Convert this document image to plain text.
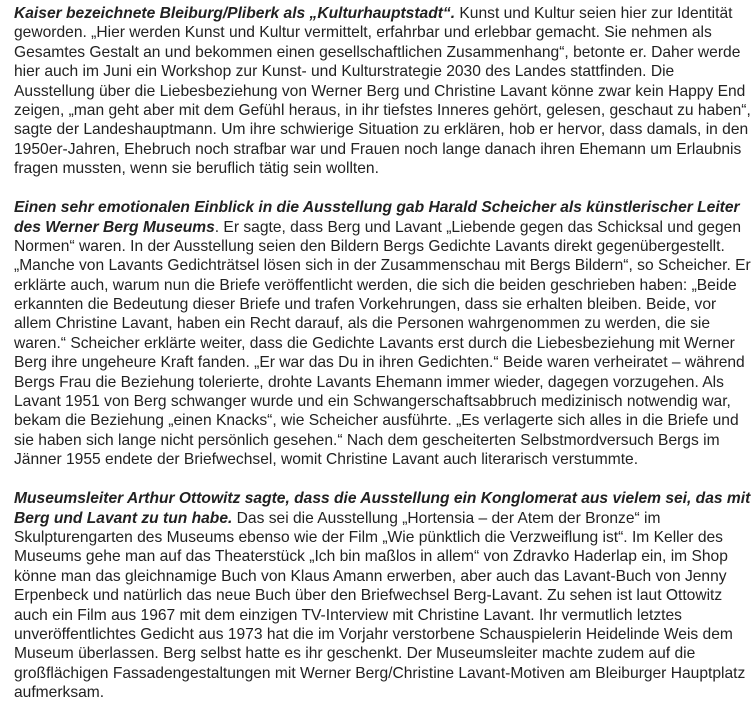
Kaiser bezeichnete Bleiburg/Pliberk als „Kulturhauptstadt“. Kunst und Kultur seien hier zur Identität
geworden. „Hier werden Kunst und Kultur vermittelt, erfahrbar und erlebbar gemacht. Sie nehmen als
Gesamtes Gestalt an und bekommen einen gesellschaftlichen Zusammenhang“, betonte er. Daher werde
hier auch im Juni ein Workshop zur Kunst- und Kulturstrategie 2030 des Landes stattfinden. Die
Ausstellung über die Liebesbeziehung von Werner Berg und Christine Lavant könne zwar kein Happy End
zeigen, „man geht aber mit dem Gefühl heraus, in ihr tiefstes Inneres gehört, gelesen, geschaut zu haben“,
sagte der Landeshauptmann. Um ihre schwierige Situation zu erklären, hob er hervor, dass damals, in den
1950er-Jahren, Ehebruch noch strafbar war und Frauen noch lange danach ihren Ehemann um Erlaubnis
fragen mussten, wenn sie beruflich tätig sein wollten.

Einen sehr emotionalen Einblick in die Ausstellung gab Harald Scheicher als künstlerischer Leiter
des Werner Berg Museums. Er sagte, dass Berg und Lavant „Liebende gegen das Schicksal und gegen
Normen“ waren. In der Ausstellung seien den Bildern Bergs Gedichte Lavants direkt gegenübergestellt.
„Manche von Lavants Gedichträtsel lösen sich in der Zusammenschau mit Bergs Bildern“, so Scheicher. Er
erklärte auch, warum nun die Briefe veröffentlicht werden, die sich die beiden geschrieben haben: „Beide
erkannten die Bedeutung dieser Briefe und trafen Vorkehrungen, dass sie erhalten bleiben. Beide, vor
allem Christine Lavant, haben ein Recht darauf, als die Personen wahrgenommen zu werden, die sie
waren.“ Scheicher erklärte weiter, dass die Gedichte Lavants erst durch die Liebesbeziehung mit Werner
Berg ihre ungeheure Kraft fanden. „Er war das Du in ihren Gedichten.“ Beide waren verheiratet – während
Bergs Frau die Beziehung tolerierte, drohte Lavants Ehemann immer wieder, dagegen vorzugehen. Als
Lavant 1951 von Berg schwanger wurde und ein Schwangerschaftsabbruch medizinisch notwendig war,
bekam die Beziehung „einen Knacks“, wie Scheicher ausführte. „Es verlagerte sich alles in die Briefe und
sie haben sich lange nicht persönlich gesehen.“ Nach dem gescheiterten Selbstmordversuch Bergs im
Jänner 1955 endete der Briefwechsel, womit Christine Lavant auch literarisch verstummte.

Museumsleiter Arthur Ottowitz sagte, dass die Ausstellung ein Konglomerat aus vielem sei, das mit
Berg und Lavant zu tun habe. Das sei die Ausstellung „Hortensia – der Atem der Bronze“ im
Skulpturengarten des Museums ebenso wie der Film „Wie pünktlich die Verzweiflung ist“. Im Keller des
Museums gehe man auf das Theaterstück „Ich bin maßlos in allem“ von Zdravko Haderlap ein, im Shop
könne man das gleichnamige Buch von Klaus Amann erwerben, aber auch das Lavant-Buch von Jenny
Erpenbeck und natürlich das neue Buch über den Briefwechsel Berg-Lavant. Zu sehen ist laut Ottowitz
auch ein Film aus 1967 mit dem einzigen TV-Interview mit Christine Lavant. Ihr vermutlich letztes
unveröffentlichtes Gedicht aus 1973 hat die im Vorjahr verstorbene Schauspielerin Heidelinde Weis dem
Museum überlassen. Berg selbst hatte es ihr geschenkt. Der Museumsleiter machte zudem auf die
großflächigen Fassadengestaltungen mit Werner Berg/Christine Lavant-Motiven am Bleiburger Hauptplatz
aufmerksam.
